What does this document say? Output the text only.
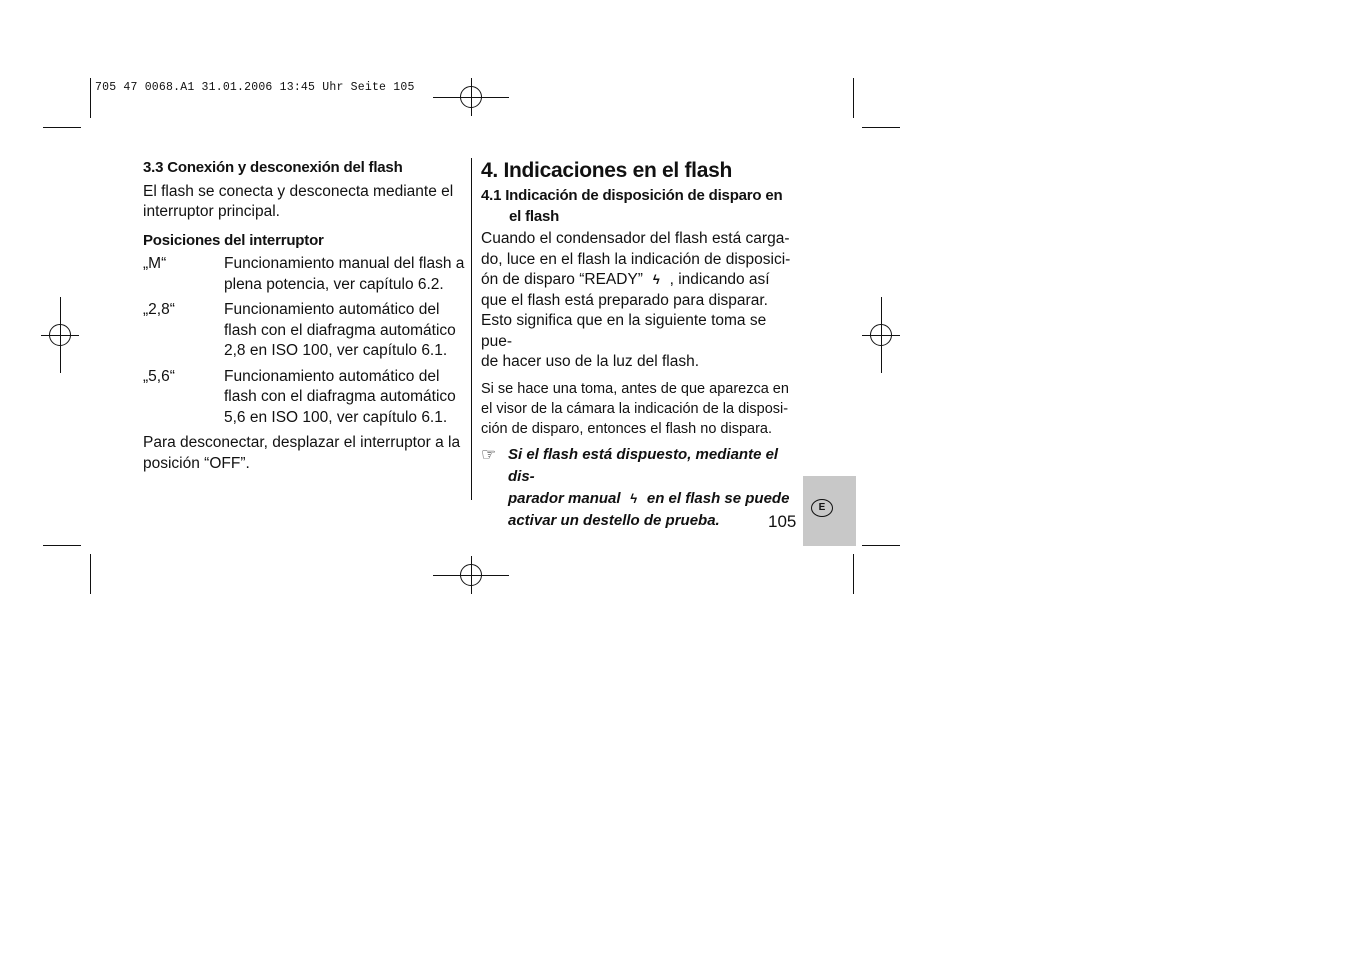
705 47 0068.A1 31.01.2006 13:45 Uhr Seite 105
3.3 Conexión y desconexión del flash
El flash se conecta y desconecta mediante el
interruptor principal.
Posiciones del interruptor
„M“	Funcionamiento manual del flash a
plena potencia, ver capítulo 6.2.
„2,8“	Funcionamiento automático del
flash con el diafragma automático
2,8 en ISO 100, ver capítulo 6.1.
„5,6“	Funcionamiento automático del
flash con el diafragma automático
5,6 en ISO 100, ver capítulo 6.1.
Para desconectar, desplazar el interruptor a la
posición “OFF”.
4. Indicaciones en el flash
4.1 Indicación de disposición de disparo en
el flash
Cuando el condensador del flash está carga-
do, luce en el flash la indicación de disposici-
ón de disparo “READY” ϟ , indicando así
que el flash está preparado para disparar.
Esto significa que en la siguiente toma se pue-
de hacer uso de la luz del flash.
Si se hace una toma, antes de que aparezca en
el visor de la cámara la indicación de la disposi-
ción de disparo, entonces el flash no dispara.
☞ Si el flash está dispuesto, mediante el dis-
parador manual ϟ en el flash se puede
activar un destello de prueba.
E
105
